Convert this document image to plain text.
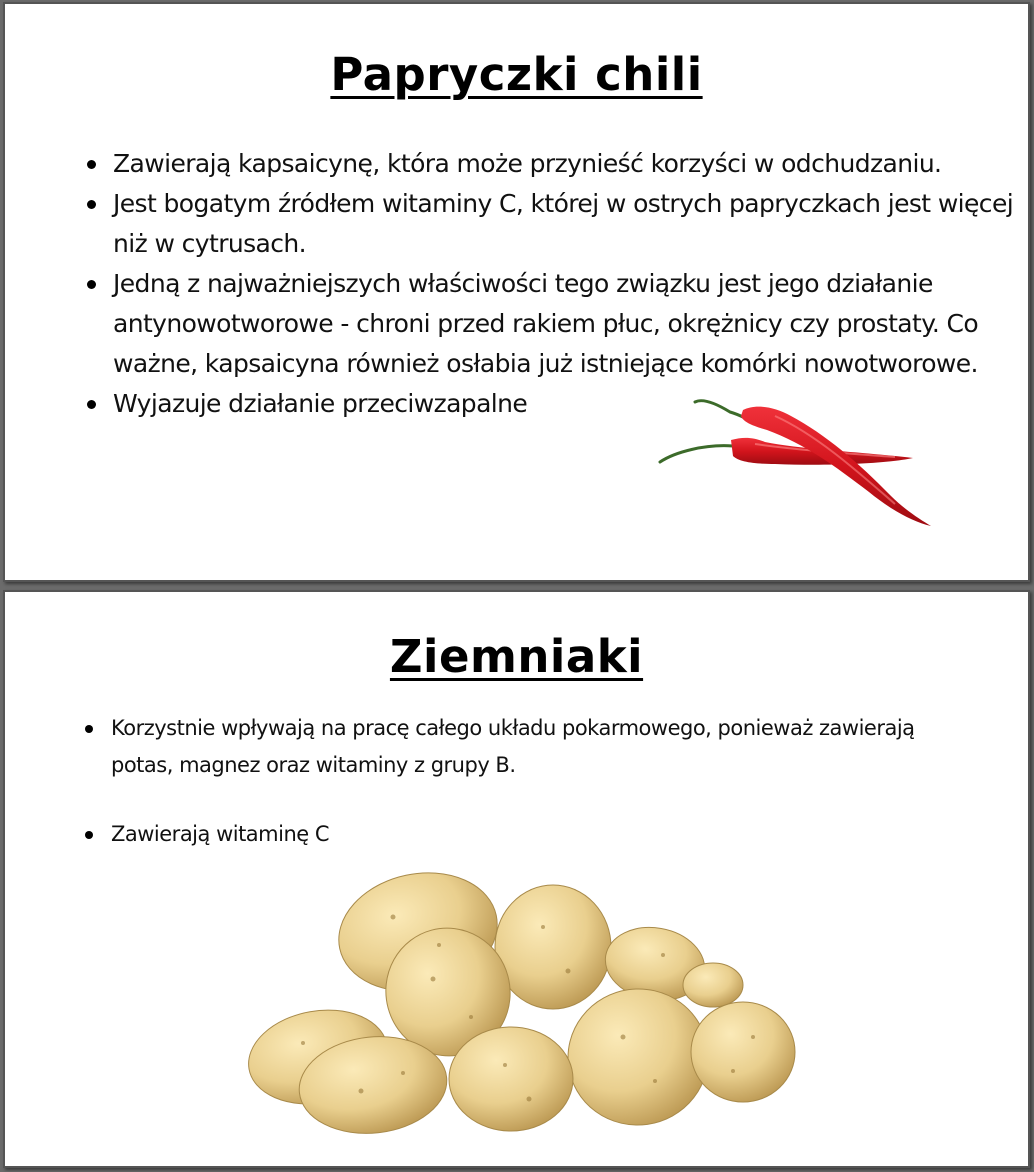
Papryczki chili
Zawierają kapsaicynę, która może przynieść korzyści w odchudzaniu.
Jest bogatym źródłem witaminy C, której w ostrych papryczkach jest więcej niż w cytrusach.
Jedną z najważniejszych właściwości tego związku jest jego działanie antynowotworowe - chroni przed rakiem płuc, okrężnicy czy prostaty. Co ważne, kapsaicyna również osłabia już istniejące komórki nowotworowe.
Wyjazuje działanie przeciwzapalne
Ziemniaki
Korzystnie wpływają na pracę całego układu pokarmowego, ponieważ zawierają potas, magnez oraz witaminy z grupy B.
Zawierają witaminę C
